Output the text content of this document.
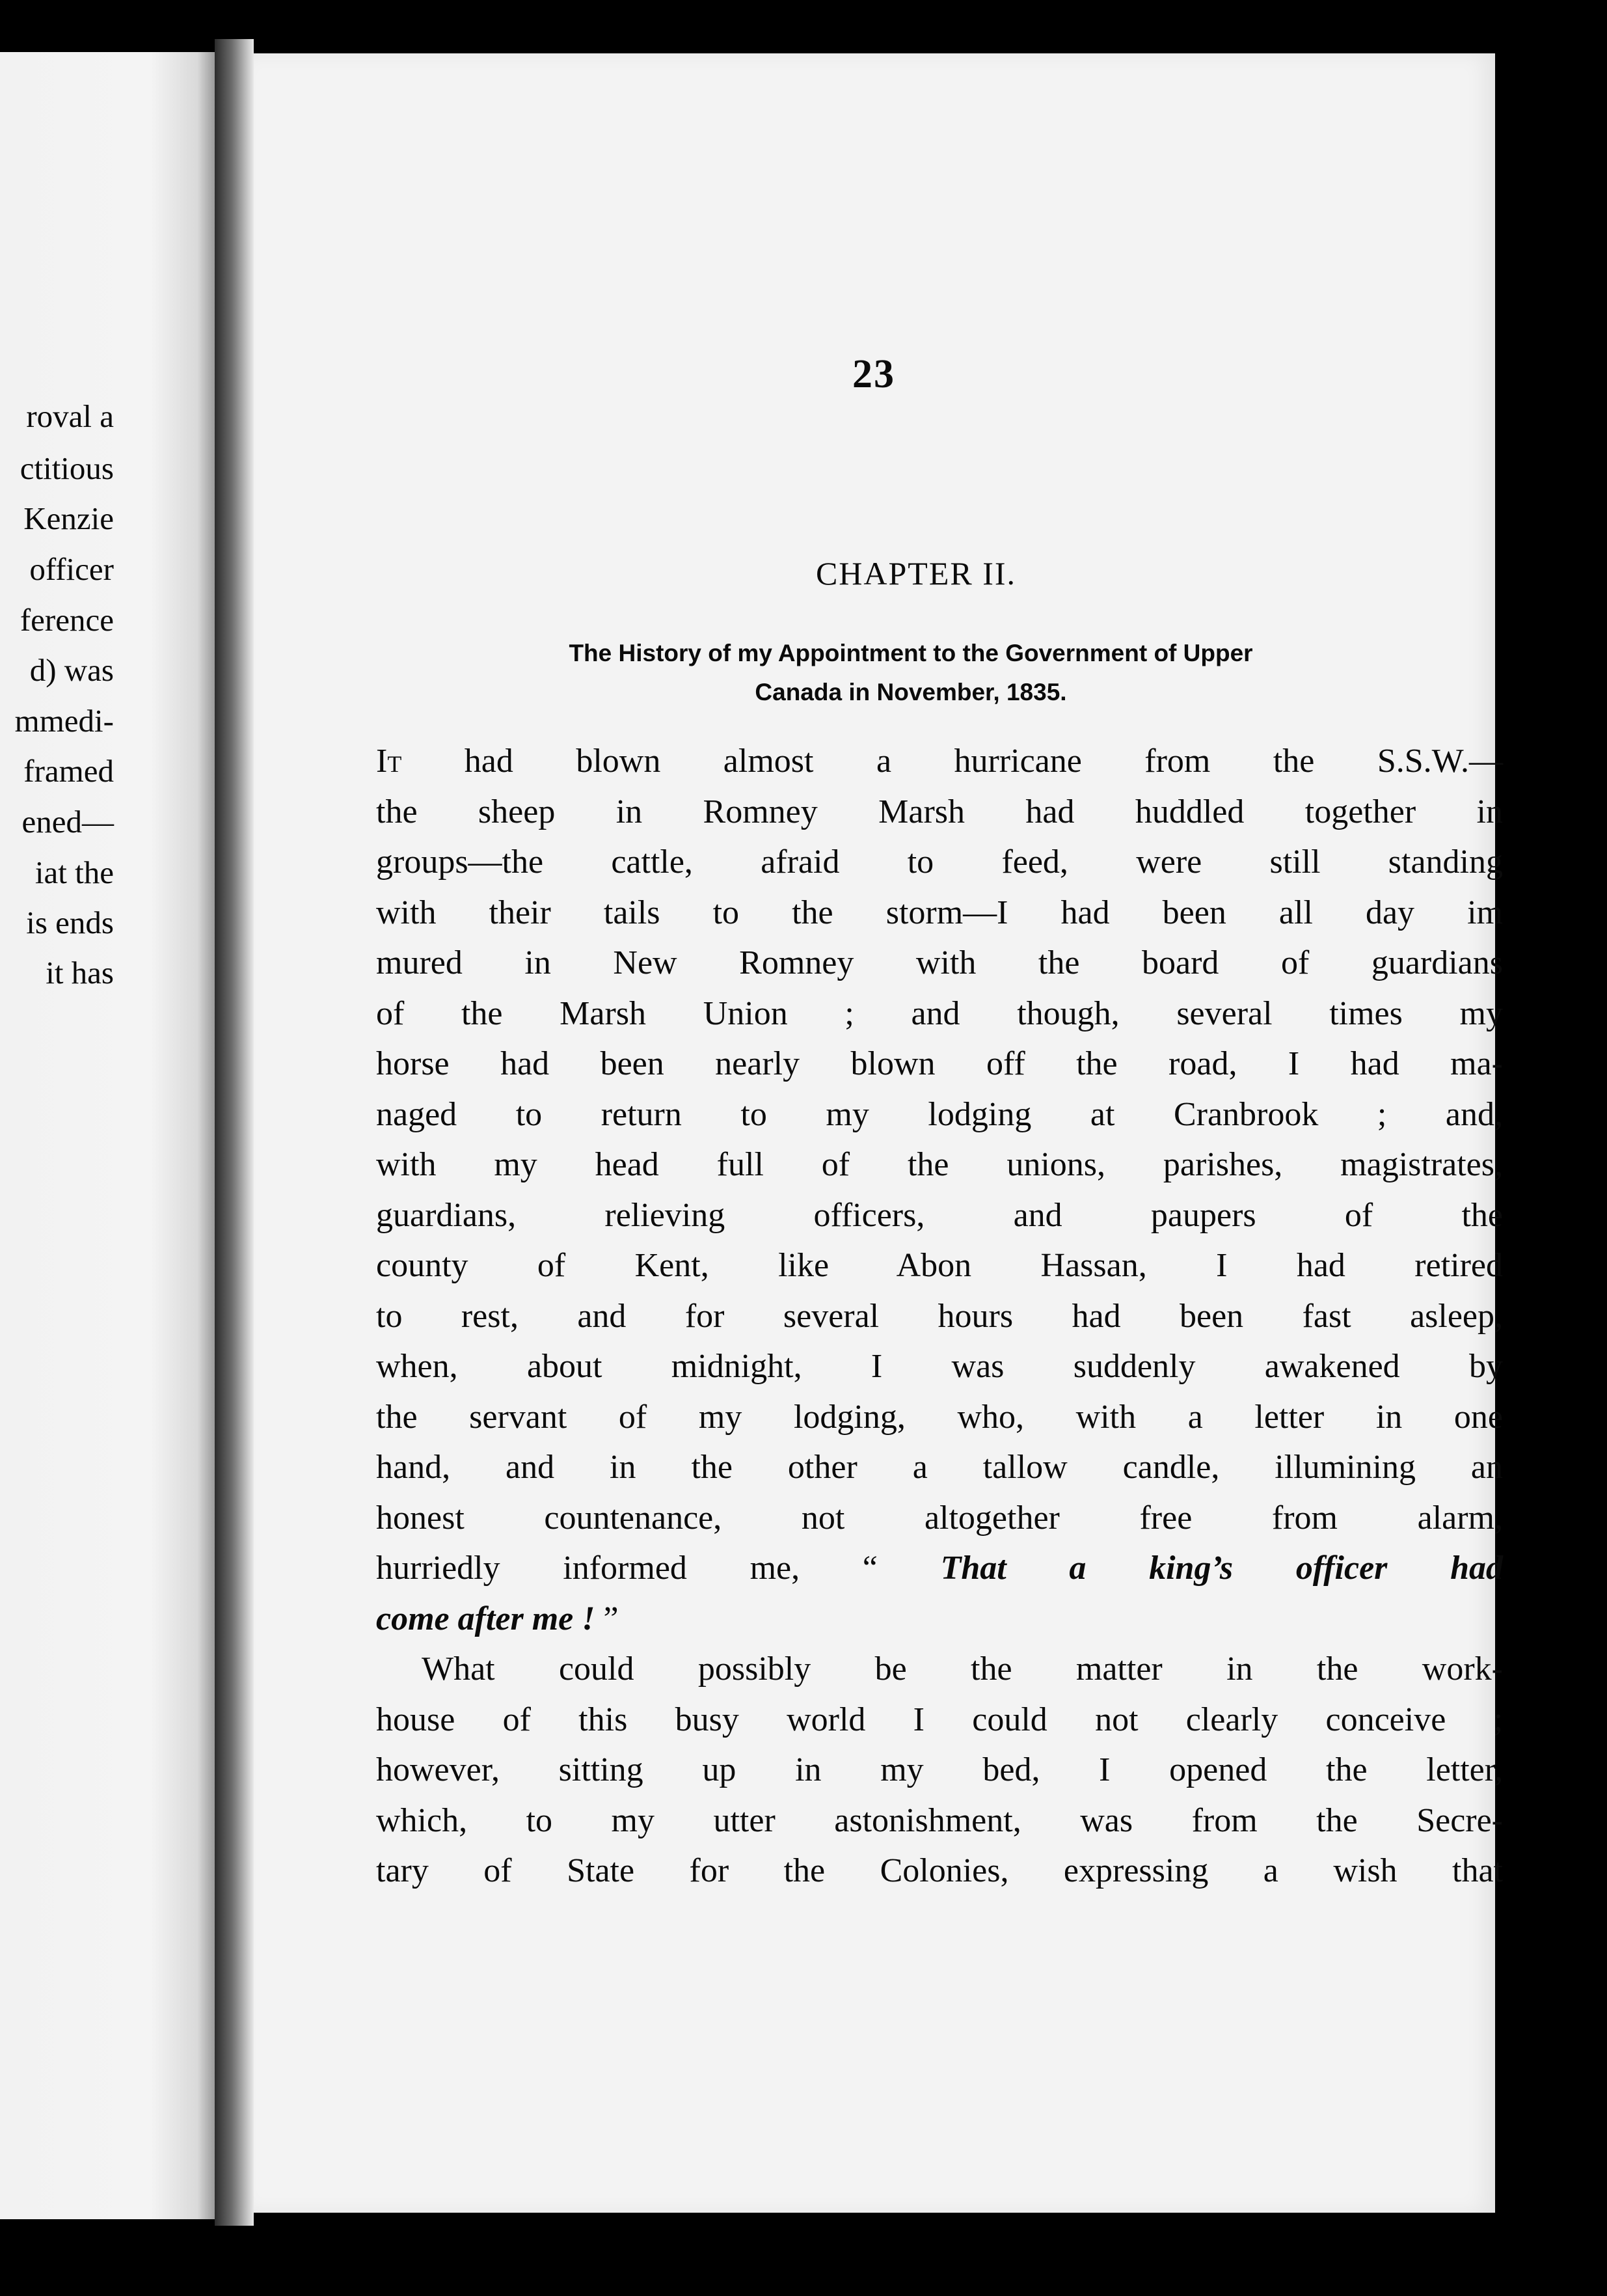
roval a
ctitious
Kenzie
officer
ference
d) was
mmedi-
framed
ened—
iat the
is ends
it has
23
CHAPTER II.
The History of my Appointment to the Government of Upper
Canada in November, 1835.
It had blown almost a hurricane from the S.S.W.—
the sheep in Romney Marsh had huddled together in
groups—the cattle, afraid to feed, were still standing
with their tails to the storm—I had been all day im
mured in New Romney with the board of guardians
of the Marsh Union ; and though, several times my
horse had been nearly blown off the road, I had ma-
naged to return to my lodging at Cranbrook ; and,
with my head full of the unions, parishes, magistrates,
guardians, relieving officers, and paupers of the
county of Kent, like Abon Hassan, I had retired
to rest, and for several hours had been fast asleep,
when, about midnight, I was suddenly awakened by
the servant of my lodging, who, with a letter in one
hand, and in the other a tallow candle, illumining an
honest countenance, not altogether free from alarm,
hurriedly informed me, “ That a king’s officer had
come after me ! ”
What could possibly be the matter in the work-
house of this busy world I could not clearly conceive ;
however, sitting up in my bed, I opened the letter,
which, to my utter astonishment, was from the Secre-
tary of State for the Colonies, expressing a wish that
